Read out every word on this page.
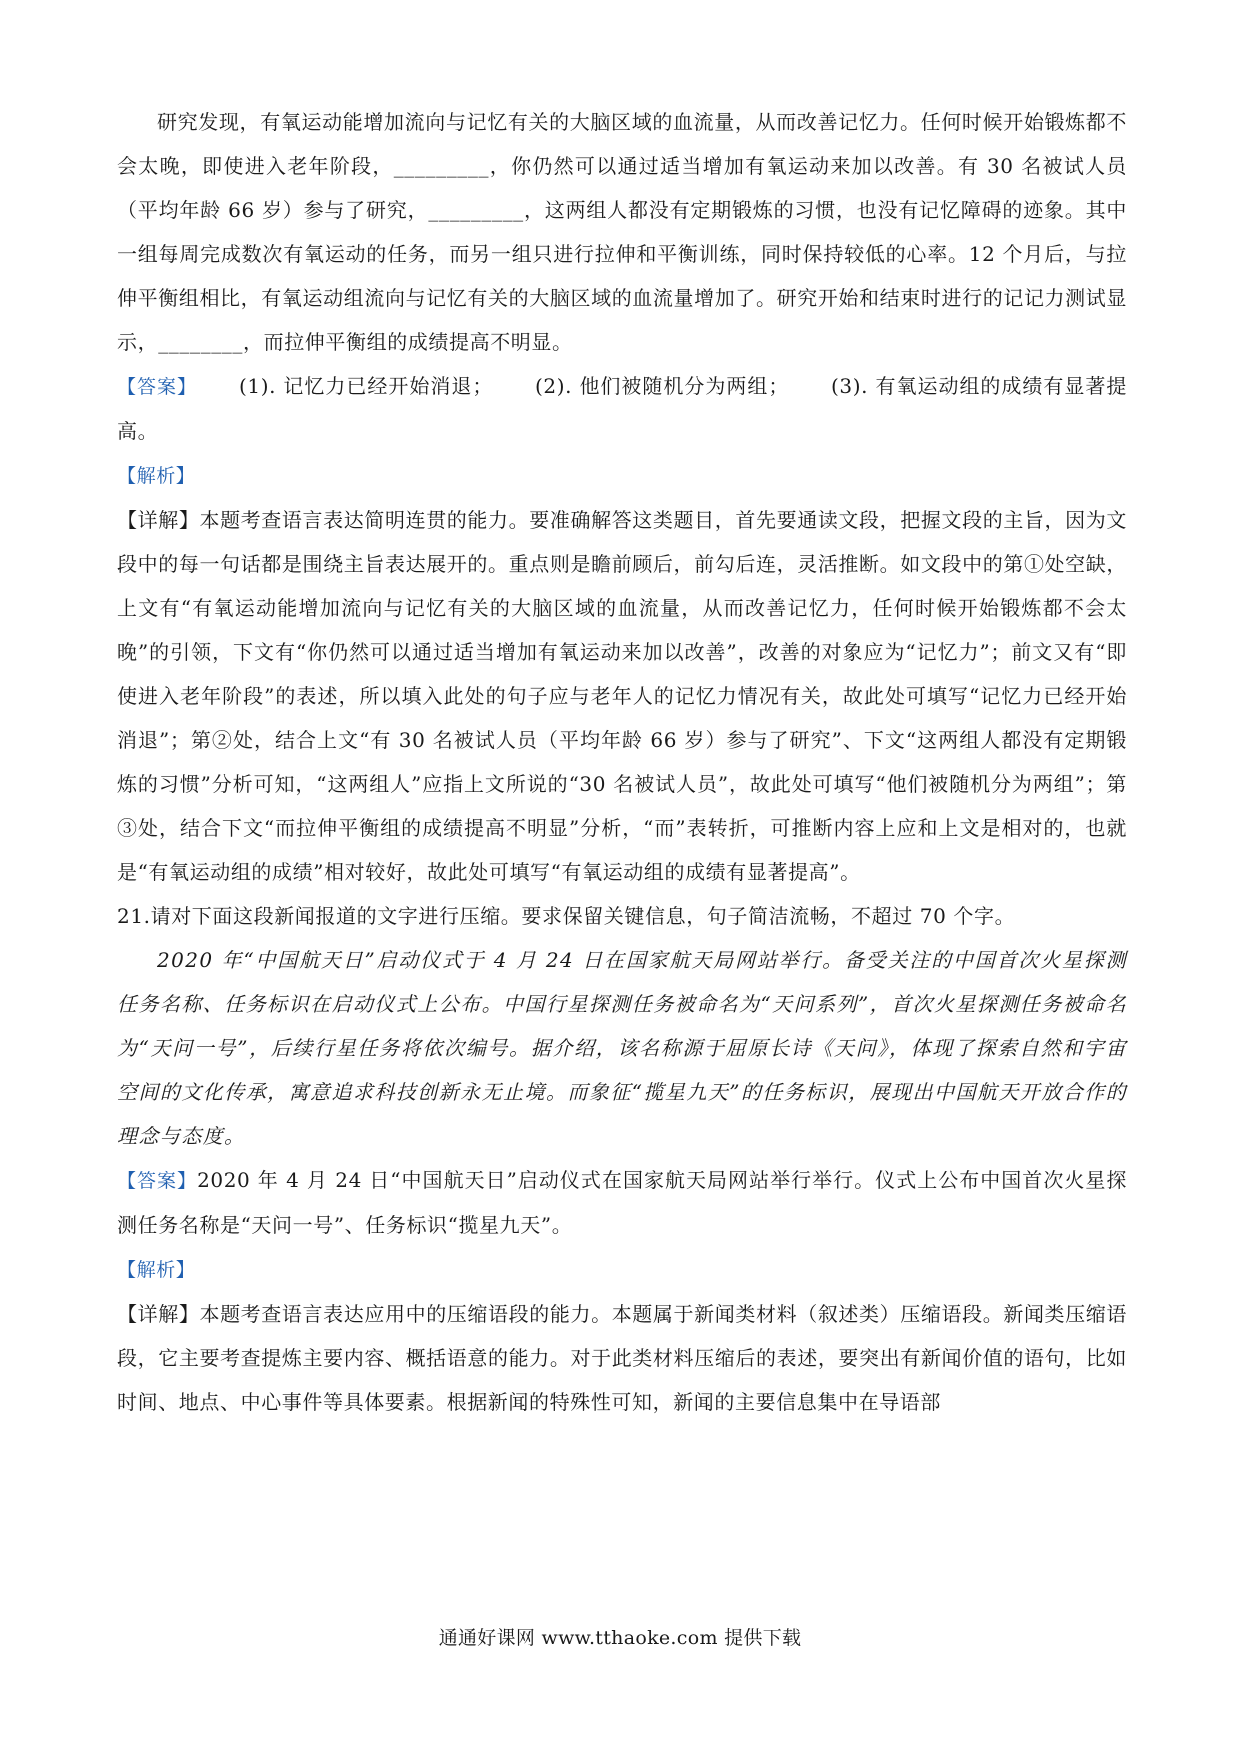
研究发现，有氧运动能增加流向与记忆有关的大脑区域的血流量，从而改善记忆力。任何时候开始锻炼都不会太晚，即使进入老年阶段，_________，你仍然可以通过适当增加有氧运动来加以改善。有 30 名被试人员（平均年龄 66 岁）参与了研究，_________，这两组人都没有定期锻炼的习惯，也没有记忆障碍的迹象。其中一组每周完成数次有氧运动的任务，而另一组只进行拉伸和平衡训练，同时保持较低的心率。12 个月后，与拉伸平衡组相比，有氧运动组流向与记忆有关的大脑区域的血流量增加了。研究开始和结束时进行的记记力测试显示，________，而拉伸平衡组的成绩提高不明显。

【答案】 (1). 记忆力已经开始消退； (2). 他们被随机分为两组； (3). 有氧运动组的成绩有显著提高。

【解析】

【详解】本题考查语言表达简明连贯的能力。要准确解答这类题目，首先要通读文段，把握文段的主旨，因为文段中的每一句话都是围绕主旨表达展开的。重点则是瞻前顾后，前勾后连，灵活推断。如文段中的第①处空缺，上文有“有氧运动能增加流向与记忆有关的大脑区域的血流量，从而改善记忆力，任何时候开始锻炼都不会太晚”的引领，下文有“你仍然可以通过适当增加有氧运动来加以改善”，改善的对象应为“记忆力”；前文又有“即使进入老年阶段”的表述，所以填入此处的句子应与老年人的记忆力情况有关，故此处可填写“记忆力已经开始消退”；第②处，结合上文“有 30 名被试人员（平均年龄 66 岁）参与了研究”、下文“这两组人都没有定期锻炼的习惯”分析可知，“这两组人”应指上文所说的“30 名被试人员”，故此处可填写“他们被随机分为两组”；第③处，结合下文“而拉伸平衡组的成绩提高不明显”分析，“而”表转折，可推断内容上应和上文是相对的，也就是“有氧运动组的成绩”相对较好，故此处可填写“有氧运动组的成绩有显著提高”。

21.请对下面这段新闻报道的文字进行压缩。要求保留关键信息，句子简洁流畅，不超过 70 个字。

2020 年“中国航天日”启动仪式于 4 月 24 日在国家航天局网站举行。备受关注的中国首次火星探测任务名称、任务标识在启动仪式上公布。中国行星探测任务被命名为“天问系列”，首次火星探测任务被命名为“天问一号”，后续行星任务将依次编号。据介绍，该名称源于屈原长诗《天问》，体现了探索自然和宇宙空间的文化传承，寓意追求科技创新永无止境。而象征“揽星九天”的任务标识，展现出中国航天开放合作的理念与态度。

【答案】2020 年 4 月 24 日“中国航天日”启动仪式在国家航天局网站举行举行。仪式上公布中国首次火星探测任务名称是“天问一号”、任务标识“揽星九天”。

【解析】

【详解】本题考查语言表达应用中的压缩语段的能力。本题属于新闻类材料（叙述类）压缩语段。新闻类压缩语段，它主要考查提炼主要内容、概括语意的能力。对于此类材料压缩后的表述，要突出有新闻价值的语句，比如时间、地点、中心事件等具体要素。根据新闻的特殊性可知，新闻的主要信息集中在导语部

通通好课网 www.tthaoke.com 提供下载
